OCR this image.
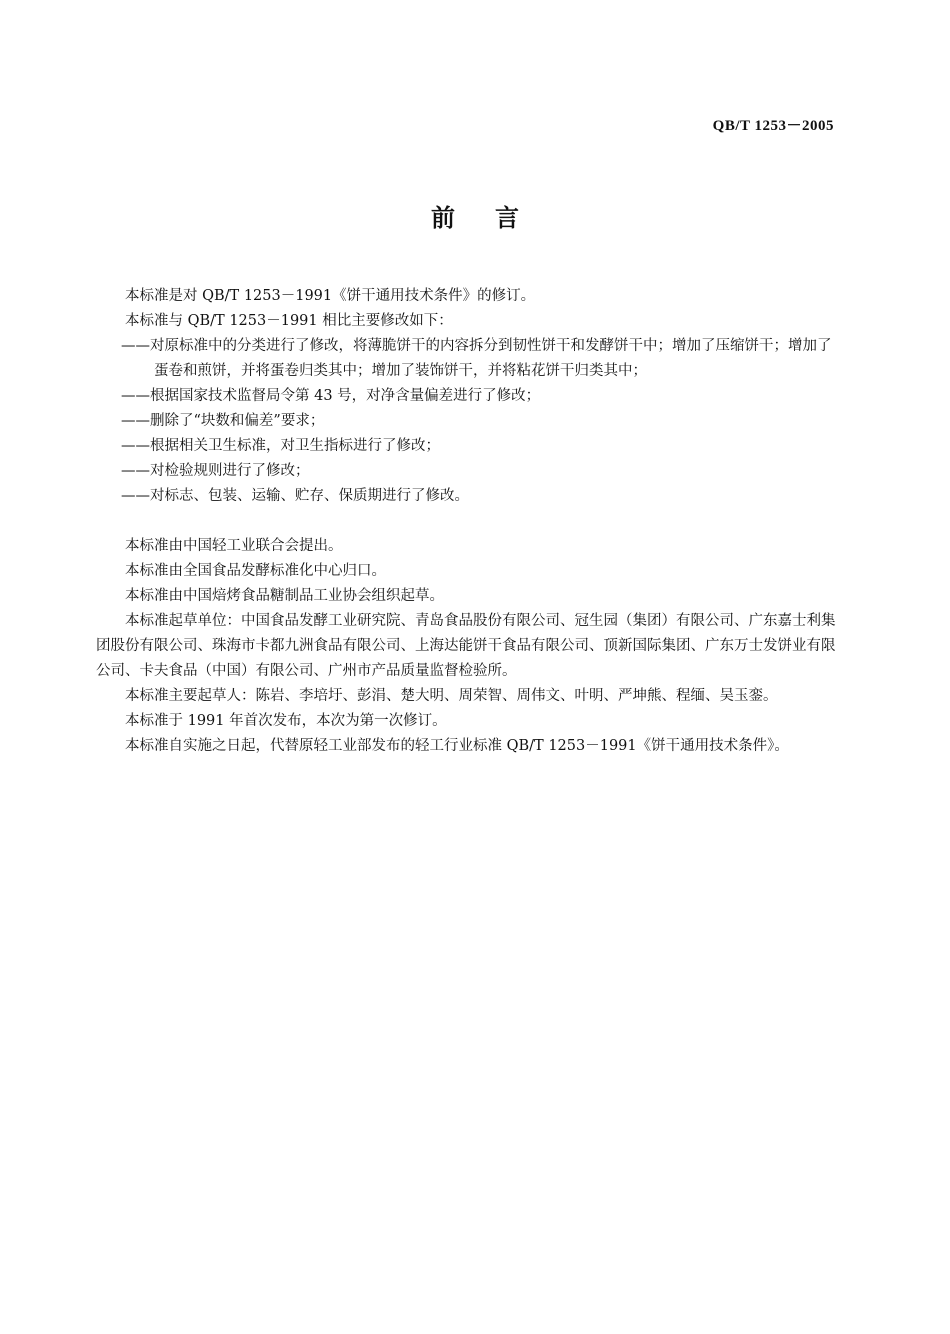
QB/T 1253－2005
前言

本标准是对 QB/T 1253－1991《饼干通用技术条件》的修订。

本标准与 QB/T 1253－1991 相比主要修改如下：

——对原标准中的分类进行了修改，将薄脆饼干的内容拆分到韧性饼干和发酵饼干中；增加了压缩饼干；增加了蛋卷和煎饼，并将蛋卷归类其中；增加了装饰饼干，并将粘花饼干归类其中；

——根据国家技术监督局令第 43 号，对净含量偏差进行了修改；

——删除了“块数和偏差”要求；

——根据相关卫生标准，对卫生指标进行了修改；

——对检验规则进行了修改；

——对标志、包装、运输、贮存、保质期进行了修改。

本标准由中国轻工业联合会提出。

本标准由全国食品发酵标准化中心归口。

本标准由中国焙烤食品糖制品工业协会组织起草。

本标准起草单位：中国食品发酵工业研究院、青岛食品股份有限公司、冠生园（集团）有限公司、广东嘉士利集团股份有限公司、珠海市卡都九洲食品有限公司、上海达能饼干食品有限公司、顶新国际集团、广东万士发饼业有限公司、卡夫食品（中国）有限公司、广州市产品质量监督检验所。

本标准主要起草人：陈岩、李培圩、彭涓、楚大明、周荣智、周伟文、叶明、严坤熊、程缅、吴玉銮。

本标准于 1991 年首次发布，本次为第一次修订。

本标准自实施之日起，代替原轻工业部发布的轻工行业标准 QB/T 1253－1991《饼干通用技术条件》。
